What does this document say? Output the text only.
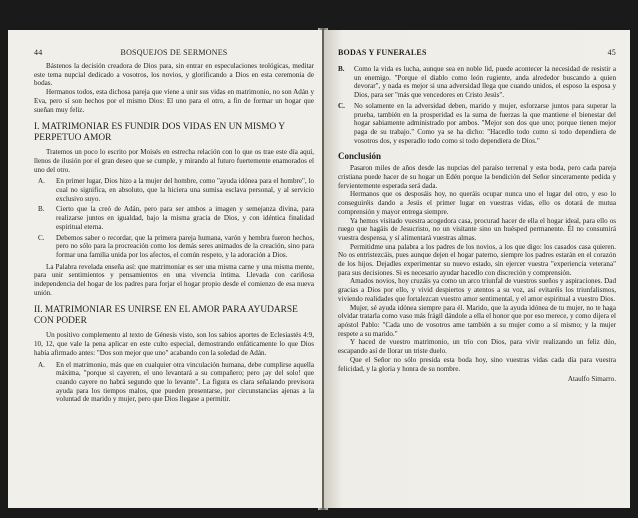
44	BOSQUEJOS DE SERMONES

Bástenos la decisión creadora de Dios para, sin entrar en especulaciones teológicas, meditar este tema nupcial dedicado a vosotros, los novios, y glorificando a Dios en esta ceremonia de bodas.

Hermanos todos, esta dichosa pareja que viene a unir sus vidas en matrimonio, no son Adán y Eva, pero sí son hechos por el mismo Dios: El uno para el otro, a fin de formar un hogar que sueñan muy feliz.

I. MATRIMONIAR ES FUNDIR DOS VIDAS EN UN MISMO Y PERPETUO AMOR

Tratemos un poco lo escrito por Moisés en estrecha relación con lo que os trae este día aquí, llenos de ilusión por el gran deseo que se cumple, y mirando al futuro fuertemente enamorados el uno del otro.

A.	En primer lugar, Dios hizo a la mujer del hombre, como "ayuda idónea para el hombre", lo cual no significa, en absoluto, que la hiciera una sumisa esclava personal, y al servicio exclusivo suyo.
B.	Cierto que la creó de Adán, pero para ser ambos a imagen y semejanza divina, para realizarse juntos en igualdad, bajo la misma gracia de Dios, y con idéntica finalidad espiritual eterna.
C.	Debemos saber o recordar, que la primera pareja humana, varón y hembra fueron hechos, pero no sólo para la procreación como los demás seres animados de la creación, sino para formar una familia unida por los afectos, el común respeto, y la adoración a Dios.

La Palabra revelada enseña así: que matrimoniar es ser una misma carne y una misma mente, para unir sentimientos y pensamientos en una vivencia íntima. Llevada con cariñosa independencia del hogar de los padres para forjar el hogar propio desde el comienzo de esa nueva unión.

II. MATRIMONIAR ES UNIRSE EN EL AMOR PARA AYUDARSE CON PODER

Un positivo complemento al texto de Génesis visto, son los sabios aportes de Eclesiastés 4:9, 10, 12, que vale la pena aplicar en este culto especial, demostrando enfáticamente lo que Dios había afirmado antes: "Dos son mejor que uno" acabando con la soledad de Adán.

A.	En el matrimonio, más que en cualquier otra vinculación humana, debe cumplirse aquella máxima, "porque si cayeren, el uno levantará a su compañero; pero ¡ay del solo! que cuando cayere no habrá segundo que lo levante". La figura es clara señalando previsora ayuda para los tiempos malos, que pueden presentarse, por circunstancias ajenas a la voluntad de marido y mujer, pero que Dios llegase a permitir.
BODAS Y FUNERALES	45
B.	Como la vida es lucha, aunque sea en noble lid, puede acontecer la necesidad de resistir a un enemigo. "Porque el diablo como león rugiente, anda alrededor buscando a quien devorar", y nada es mejor si una adversidad llega que cuando unidos, el esposo la esposa y Dios, para ser "más que vencedores en Cristo Jesús".
C.	No solamente en la adversidad deben, marido y mujer, esforzarse juntos para superar la prueba, también en la prosperidad es la suma de fuerzas la que mantiene el bienestar del hogar sabiamente administrado por ambos. "Mejor son dos que uno; porque tienen mejor paga de su trabajo." Como ya se ha dicho: "Hacedlo todo como si todo dependiera de vosotros dos, y esperadlo todo como si todo dependiera de Dios."
Conclusión

Pasaron miles de años desde las nupcias del paraíso terrenal y esta boda, pero cada pareja cristiana puede hacer de su hogar un Edén porque la bendición del Señor sinceramente pedida y fervientemente esperada será dada.

Hermanos que os desposáis hoy, no queráis ocupar nunca uno el lugar del otro, y eso lo conseguiréis dando a Jesús el primer lugar en vuestras vidas, ello os dotará de mutua comprensión y mayor entrega siempre.

Ya hemos visitado vuestra acogedora casa, procurad hacer de ella el hogar ideal, para ello os ruego que hagáis de Jesucristo, no un visitante sino un huésped permanente. Él no consumirá vuestra despensa, y sí alimentará vuestras almas.

Permitidme una palabra a los padres de los novios, a los que digo: los casados casa quieren. No os entristezcáis, pues aunque dejen el hogar paterno, siempre los padres estarán en el corazón de los hijos. Dejadles experimentar su nuevo estado, sin ejercer vuestra "experiencia veterana" para sus decisiones. Si es necesario ayudar hacedlo con discreción y comprensión.

Amados novios, hoy cruzáis ya como un arco triunfal de vuestros sueños y aspiraciones. Dad gracias a Dios por ello, y vivid despiertos y atentos a su voz, así evitaréis los triunfalismos, viviendo realidades que fortalezcan vuestro amor sentimental, y el amor espiritual a vuestro Dios.

Mujer, sé ayuda idónea siempre para él. Marido, que la ayuda idónea de tu mujer, no te haga olvidar tratarla como vaso más frágil dándole a ella el honor que por eso merece, y como dijera el apóstol Pablo: "Cada uno de vosotros ame también a su mujer como a sí mismo; y la mujer respete a su marido."

Y haced de vuestro matrimonio, un trío con Dios, para vivir realizando un feliz dúo, escapando así de llorar un triste duelo.

Que el Señor no sólo presida esta boda hoy, sino vuestras vidas cada día para vuestra felicidad, y la gloria y honra de su nombre.

Ataulfo Simarro.
